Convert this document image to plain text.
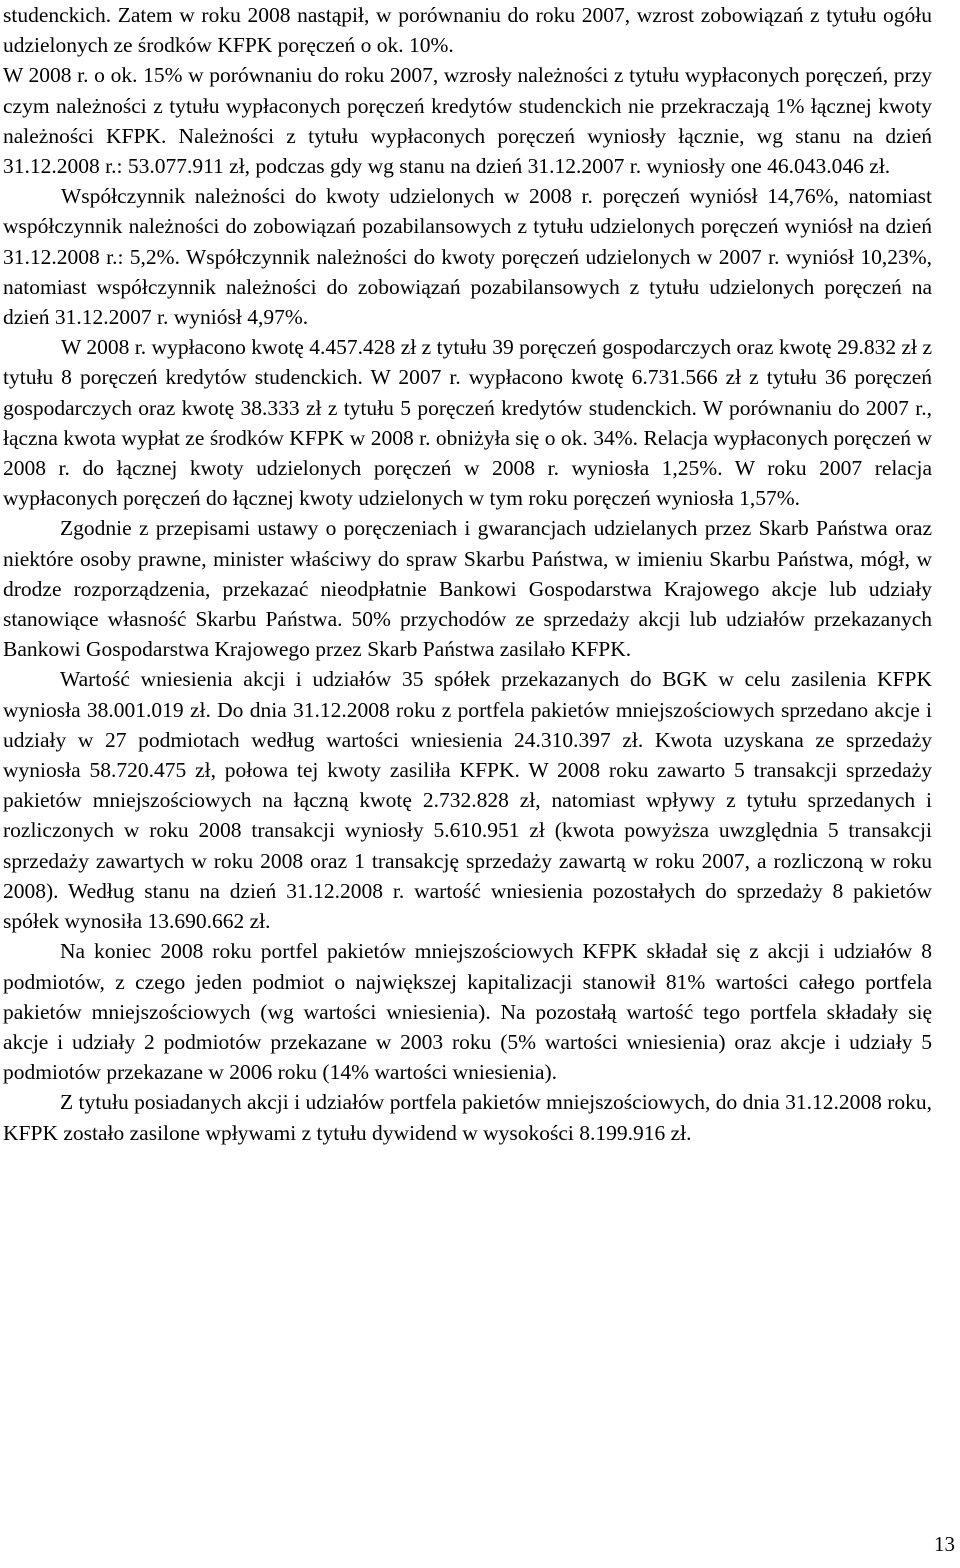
studenckich. Zatem w roku 2008 nastąpił, w porównaniu do roku 2007, wzrost zobowiązań z tytułu ogółu udzielonych ze środków KFPK poręczeń o ok. 10%.

W 2008 r. o ok. 15% w porównaniu do roku 2007, wzrosły należności z tytułu wypłaconych poręczeń, przy czym należności z tytułu wypłaconych poręczeń kredytów studenckich nie przekraczają 1% łącznej kwoty należności KFPK. Należności z tytułu wypłaconych poręczeń wyniosły łącznie, wg stanu na dzień 31.12.2008 r.: 53.077.911 zł, podczas gdy wg stanu na dzień 31.12.2007 r. wyniosły one 46.043.046 zł.

Współczynnik należności do kwoty udzielonych w 2008 r. poręczeń wyniósł 14,76%, natomiast współczynnik należności do zobowiązań pozabilansowych z tytułu udzielonych poręczeń wyniósł na dzień 31.12.2008 r.: 5,2%. Współczynnik należności do kwoty poręczeń udzielonych w 2007 r. wyniósł 10,23%, natomiast współczynnik należności do zobowiązań pozabilansowych z tytułu udzielonych poręczeń na dzień 31.12.2007 r. wyniósł 4,97%.

W 2008 r. wypłacono kwotę 4.457.428 zł z tytułu 39 poręczeń gospodarczych oraz kwotę 29.832 zł z tytułu 8 poręczeń kredytów studenckich. W 2007 r. wypłacono kwotę 6.731.566 zł z tytułu 36 poręczeń gospodarczych oraz kwotę 38.333 zł z tytułu 5 poręczeń kredytów studenckich. W porównaniu do 2007 r., łączna kwota wypłat ze środków KFPK w 2008 r. obniżyła się o ok. 34%. Relacja wypłaconych poręczeń w 2008 r. do łącznej kwoty udzielonych poręczeń w 2008 r. wyniosła 1,25%. W roku 2007 relacja wypłaconych poręczeń do łącznej kwoty udzielonych w tym roku poręczeń wyniosła 1,57%.

Zgodnie z przepisami ustawy o poręczeniach i gwarancjach udzielanych przez Skarb Państwa oraz niektóre osoby prawne, minister właściwy do spraw Skarbu Państwa, w imieniu Skarbu Państwa, mógł, w drodze rozporządzenia, przekazać nieodpłatnie Bankowi Gospodarstwa Krajowego akcje lub udziały stanowiące własność Skarbu Państwa. 50% przychodów ze sprzedaży akcji lub udziałów przekazanych Bankowi Gospodarstwa Krajowego przez Skarb Państwa zasilało KFPK.

Wartość wniesienia akcji i udziałów 35 spółek przekazanych do BGK w celu zasilenia KFPK wyniosła 38.001.019 zł. Do dnia 31.12.2008 roku z portfela pakietów mniejszościowych sprzedano akcje i udziały w 27 podmiotach według wartości wniesienia 24.310.397 zł. Kwota uzyskana ze sprzedaży wyniosła 58.720.475 zł, połowa tej kwoty zasiliła KFPK. W 2008 roku zawarto 5 transakcji sprzedaży pakietów mniejszościowych na łączną kwotę 2.732.828 zł, natomiast wpływy z tytułu sprzedanych i rozliczonych w roku 2008 transakcji wyniosły 5.610.951 zł (kwota powyższa uwzględnia 5 transakcji sprzedaży zawartych w roku 2008 oraz 1 transakcję sprzedaży zawartą w roku 2007, a rozliczoną w roku 2008). Według stanu na dzień 31.12.2008 r. wartość wniesienia pozostałych do sprzedaży 8 pakietów spółek wynosiła 13.690.662 zł.

Na koniec 2008 roku portfel pakietów mniejszościowych KFPK składał się z akcji i udziałów 8 podmiotów, z czego jeden podmiot o największej kapitalizacji stanowił 81% wartości całego portfela pakietów mniejszościowych (wg wartości wniesienia). Na pozostałą wartość tego portfela składały się akcje i udziały 2 podmiotów przekazane w 2003 roku (5% wartości wniesienia) oraz akcje i udziały 5 podmiotów przekazane w 2006 roku (14% wartości wniesienia).

Z tytułu posiadanych akcji i udziałów portfela pakietów mniejszościowych, do dnia 31.12.2008 roku, KFPK zostało zasilone wpływami z tytułu dywidend w wysokości 8.199.916 zł.

13
